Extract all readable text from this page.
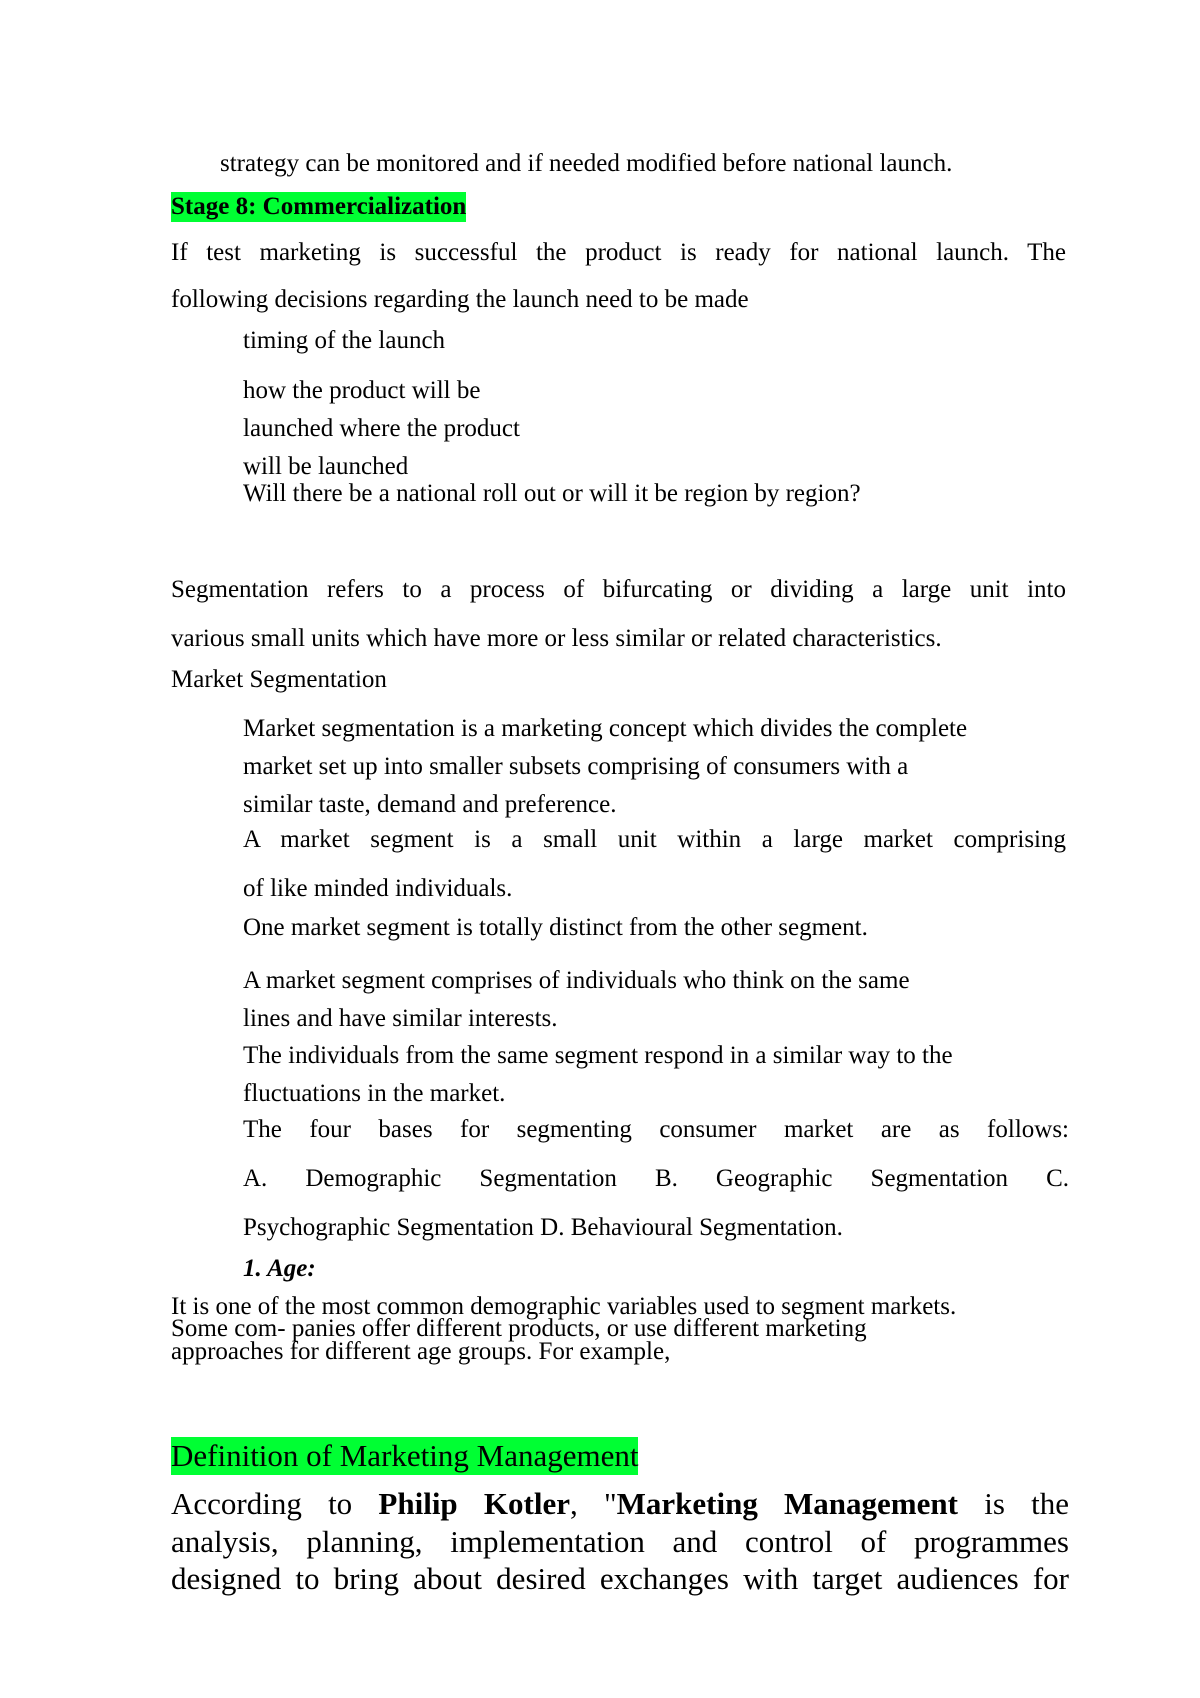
strategy can be monitored and if needed modified before national launch.
Stage 8: Commercialization
If test marketing is successful the product is ready for national launch. The
following decisions regarding the launch need to be made
timing of the launch
how the product will be
launched where the product
will be launched
Will there be a national roll out or will it be region by region?
Segmentation refers to a process of bifurcating or dividing a large unit into
various small units which have more or less similar or related characteristics.
Market Segmentation
Market segmentation is a marketing concept which divides the complete
market set up into smaller subsets comprising of consumers with a
similar taste, demand and preference.
A market segment is a small unit within a large market comprising
of like minded individuals.
One market segment is totally distinct from the other segment.
A market segment comprises of individuals who think on the same
lines and have similar interests.
The individuals from the same segment respond in a similar way to the
fluctuations in the market.
The four bases for segmenting consumer market are as follows:
A. Demographic Segmentation B. Geographic Segmentation C.
Psychographic Segmentation D. Behavioural Segmentation.
1. Age:
It is one of the most common demographic variables used to segment markets.
Some com- panies offer different products, or use different marketing
approaches for different age groups. For example,
Definition of Marketing Management
According to Philip Kotler, "Marketing Management is the
analysis, planning, implementation and control of programmes
designed to bring about desired exchanges with target audiences for
